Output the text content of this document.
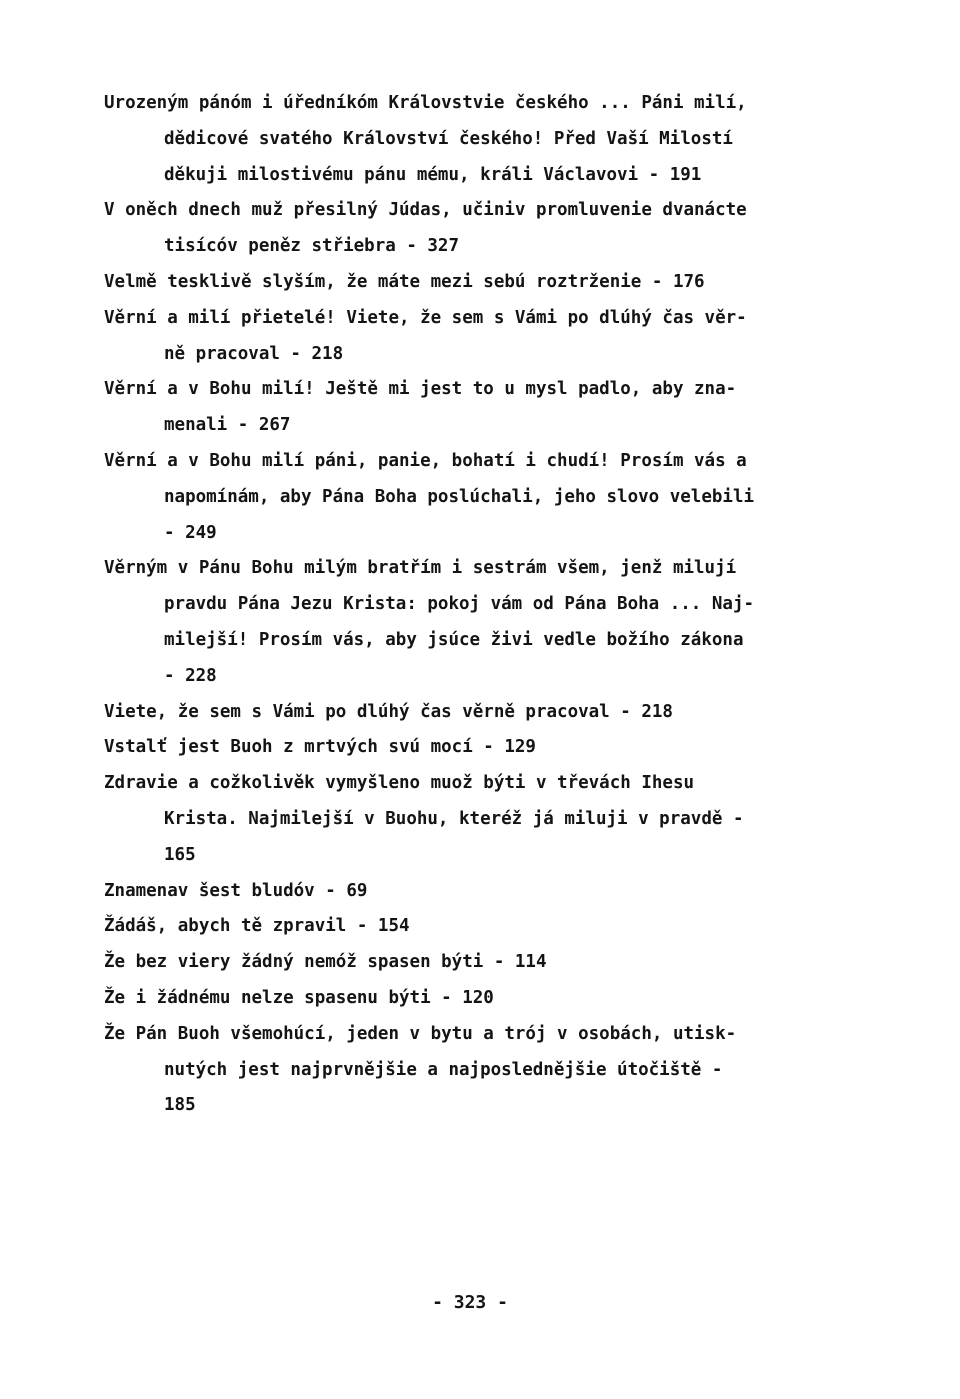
Urozeným pánóm i úředníkóm Královstvie českého ... Páni milí,
dědicové svatého Království českého! Před Vaší Milostí
děkuji milostivému pánu mému, králi Václavovi - 191
V oněch dnech muž přesilný Júdas, učiniv promluvenie dvanácte
tisícóv peněz střiebra - 327
Velmě tesklivě slyším, že máte mezi sebú roztrženie - 176
Věrní a milí přietelé! Viete, že sem s Vámi po dlúhý čas věr-
ně pracoval - 218
Věrní a v Bohu milí! Ještě mi jest to u mysl padlo, aby zna-
menali - 267
Věrní a v Bohu milí páni, panie, bohatí i chudí! Prosím vás a
napomínám, aby Pána Boha poslúchali, jeho slovo velebili
- 249
Věrným v Pánu Bohu milým bratřím i sestrám všem, jenž milují
pravdu Pána Jezu Krista: pokoj vám od Pána Boha ... Naj-
milejší! Prosím vás, aby jsúce živi vedle božího zákona
- 228
Viete, že sem s Vámi po dlúhý čas věrně pracoval - 218
Vstalť jest Buoh z mrtvých svú mocí - 129
Zdravie a cožkolivěk vymyšleno muož býti v třevách Ihesu
Krista. Najmilejší v Buohu, kteréž já miluji v pravdě -
165
Znamenav šest bludóv - 69
Žádáš, abych tě zpravil - 154
Že bez viery žádný nemóž spasen býti - 114
Že i žádnému nelze spasenu býti - 120
Že Pán Buoh všemohúcí, jeden v bytu a trój v osobách, utisk-
nutých jest najprvnějšie a najposlednějšie útočiště -
185
- 323 -
